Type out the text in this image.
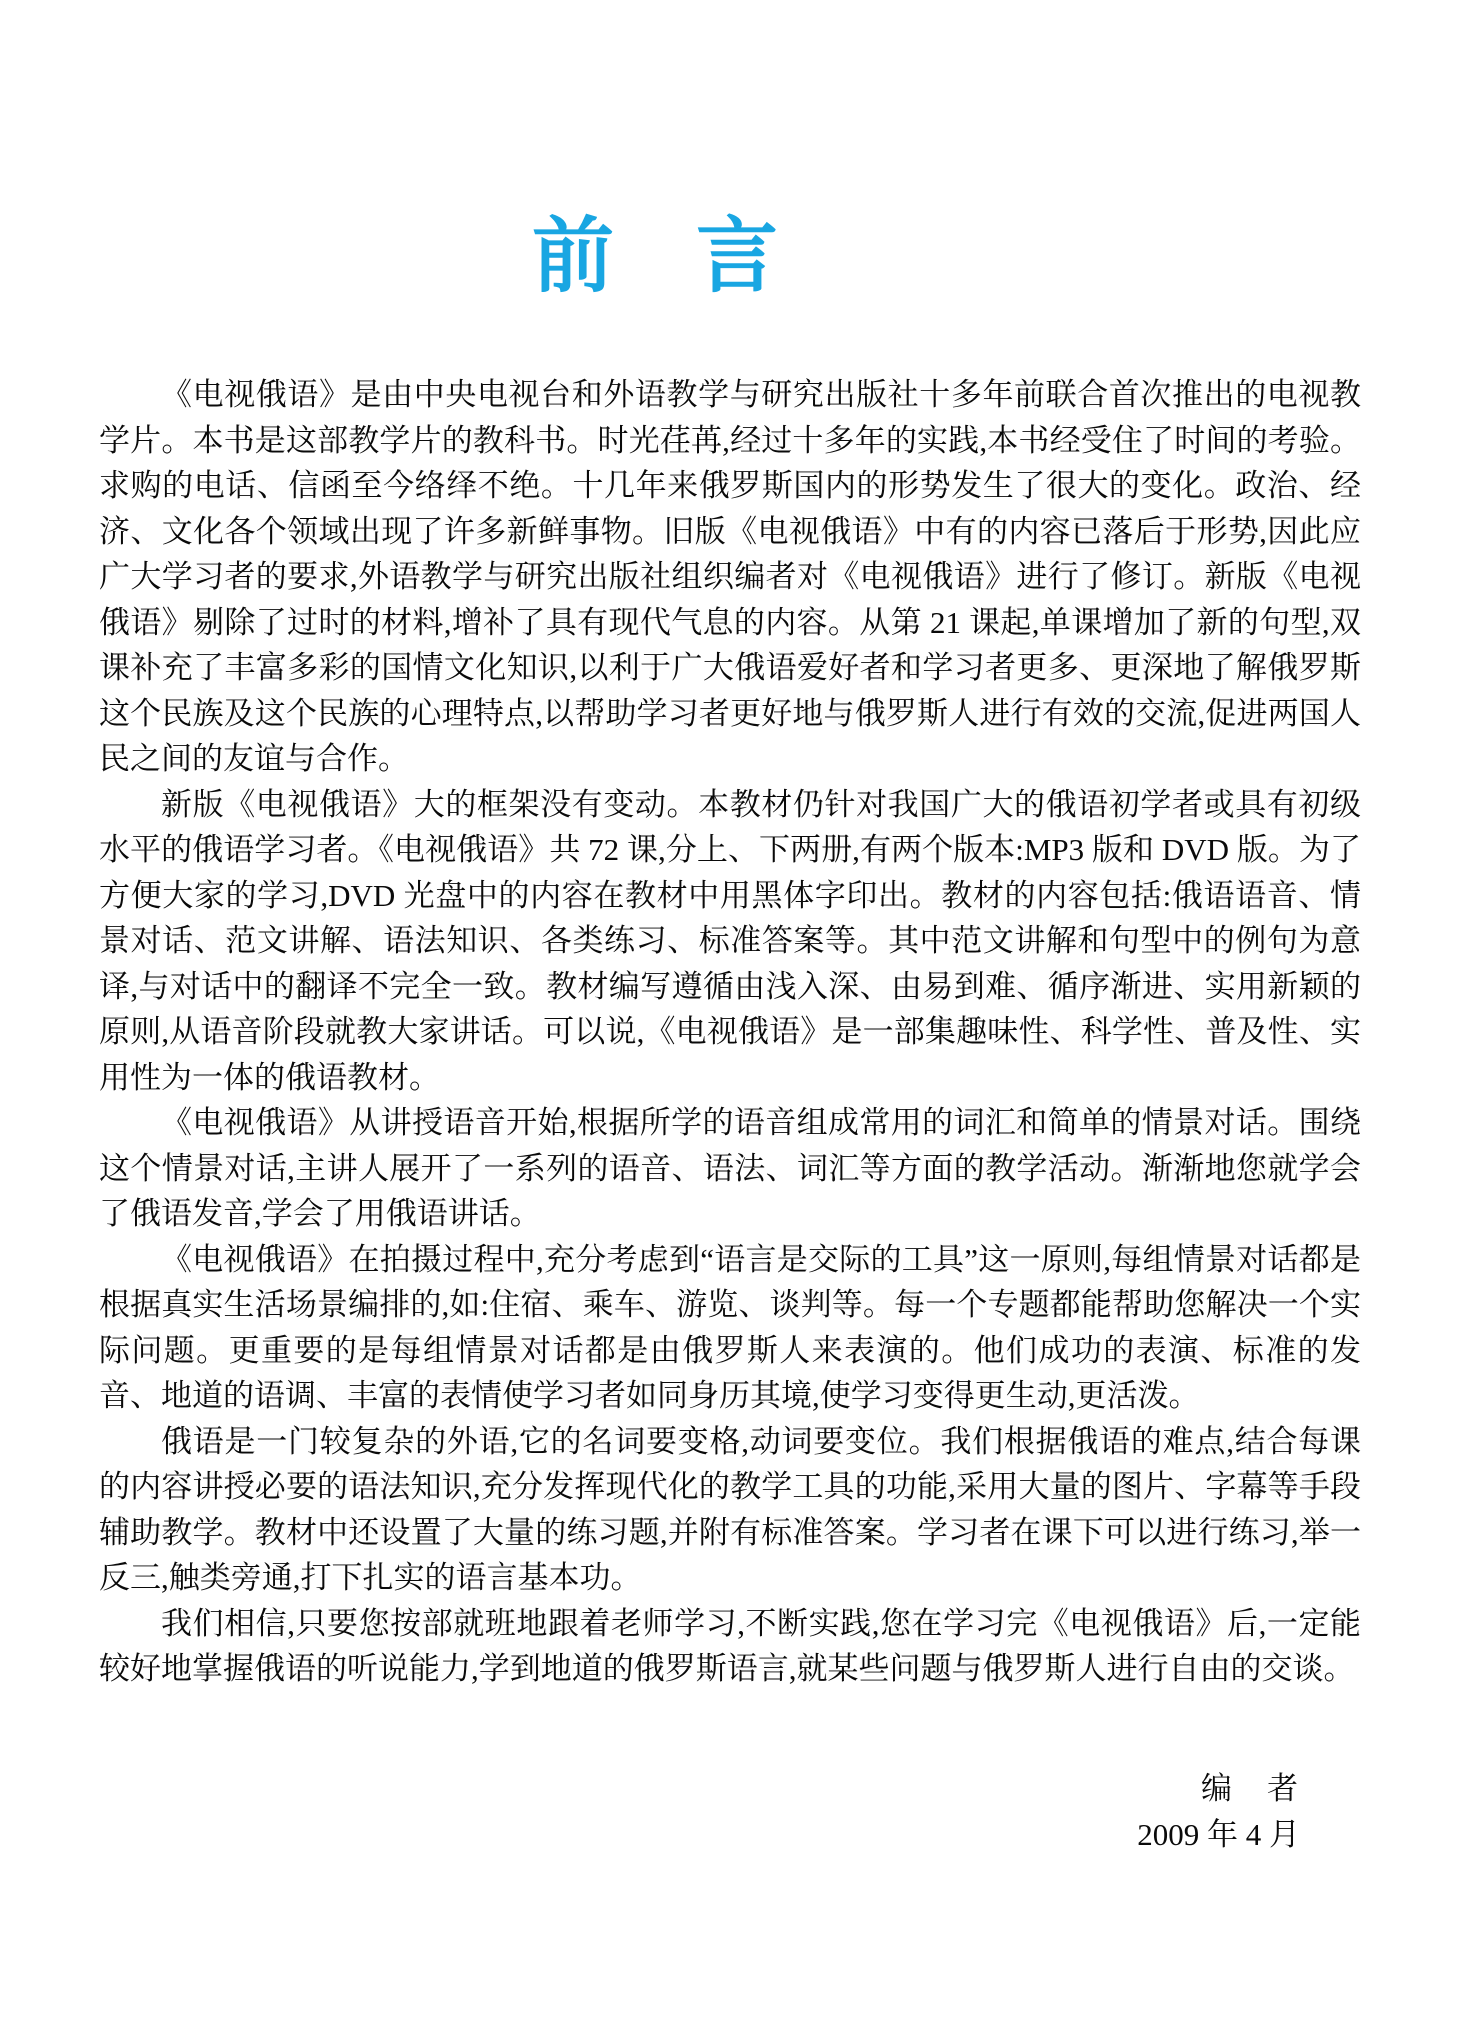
前　言

《电视俄语》是由中央电视台和外语教学与研究出版社十多年前联合首次推出的电视教学片。本书是这部教学片的教科书。时光荏苒,经过十多年的实践,本书经受住了时间的考验。求购的电话、信函至今络绎不绝。十几年来俄罗斯国内的形势发生了很大的变化。政治、经济、文化各个领域出现了许多新鲜事物。旧版《电视俄语》中有的内容已落后于形势,因此应广大学习者的要求,外语教学与研究出版社组织编者对《电视俄语》进行了修订。新版《电视俄语》剔除了过时的材料,增补了具有现代气息的内容。从第 21 课起,单课增加了新的句型,双课补充了丰富多彩的国情文化知识,以利于广大俄语爱好者和学习者更多、更深地了解俄罗斯这个民族及这个民族的心理特点,以帮助学习者更好地与俄罗斯人进行有效的交流,促进两国人民之间的友谊与合作。

新版《电视俄语》大的框架没有变动。本教材仍针对我国广大的俄语初学者或具有初级水平的俄语学习者。《电视俄语》共 72 课,分上、下两册,有两个版本:MP3 版和 DVD 版。为了方便大家的学习,DVD 光盘中的内容在教材中用黑体字印出。教材的内容包括:俄语语音、情景对话、范文讲解、语法知识、各类练习、标准答案等。其中范文讲解和句型中的例句为意译,与对话中的翻译不完全一致。教材编写遵循由浅入深、由易到难、循序渐进、实用新颖的原则,从语音阶段就教大家讲话。可以说,《电视俄语》是一部集趣味性、科学性、普及性、实用性为一体的俄语教材。

《电视俄语》从讲授语音开始,根据所学的语音组成常用的词汇和简单的情景对话。围绕这个情景对话,主讲人展开了一系列的语音、语法、词汇等方面的教学活动。渐渐地您就学会了俄语发音,学会了用俄语讲话。

《电视俄语》在拍摄过程中,充分考虑到“语言是交际的工具”这一原则,每组情景对话都是根据真实生活场景编排的,如:住宿、乘车、游览、谈判等。每一个专题都能帮助您解决一个实际问题。更重要的是每组情景对话都是由俄罗斯人来表演的。他们成功的表演、标准的发音、地道的语调、丰富的表情使学习者如同身历其境,使学习变得更生动,更活泼。

俄语是一门较复杂的外语,它的名词要变格,动词要变位。我们根据俄语的难点,结合每课的内容讲授必要的语法知识,充分发挥现代化的教学工具的功能,采用大量的图片、字幕等手段辅助教学。教材中还设置了大量的练习题,并附有标准答案。学习者在课下可以进行练习,举一反三,触类旁通,打下扎实的语言基本功。

我们相信,只要您按部就班地跟着老师学习,不断实践,您在学习完《电视俄语》后,一定能较好地掌握俄语的听说能力,学到地道的俄罗斯语言,就某些问题与俄罗斯人进行自由的交谈。

编　者
2009 年 4 月
